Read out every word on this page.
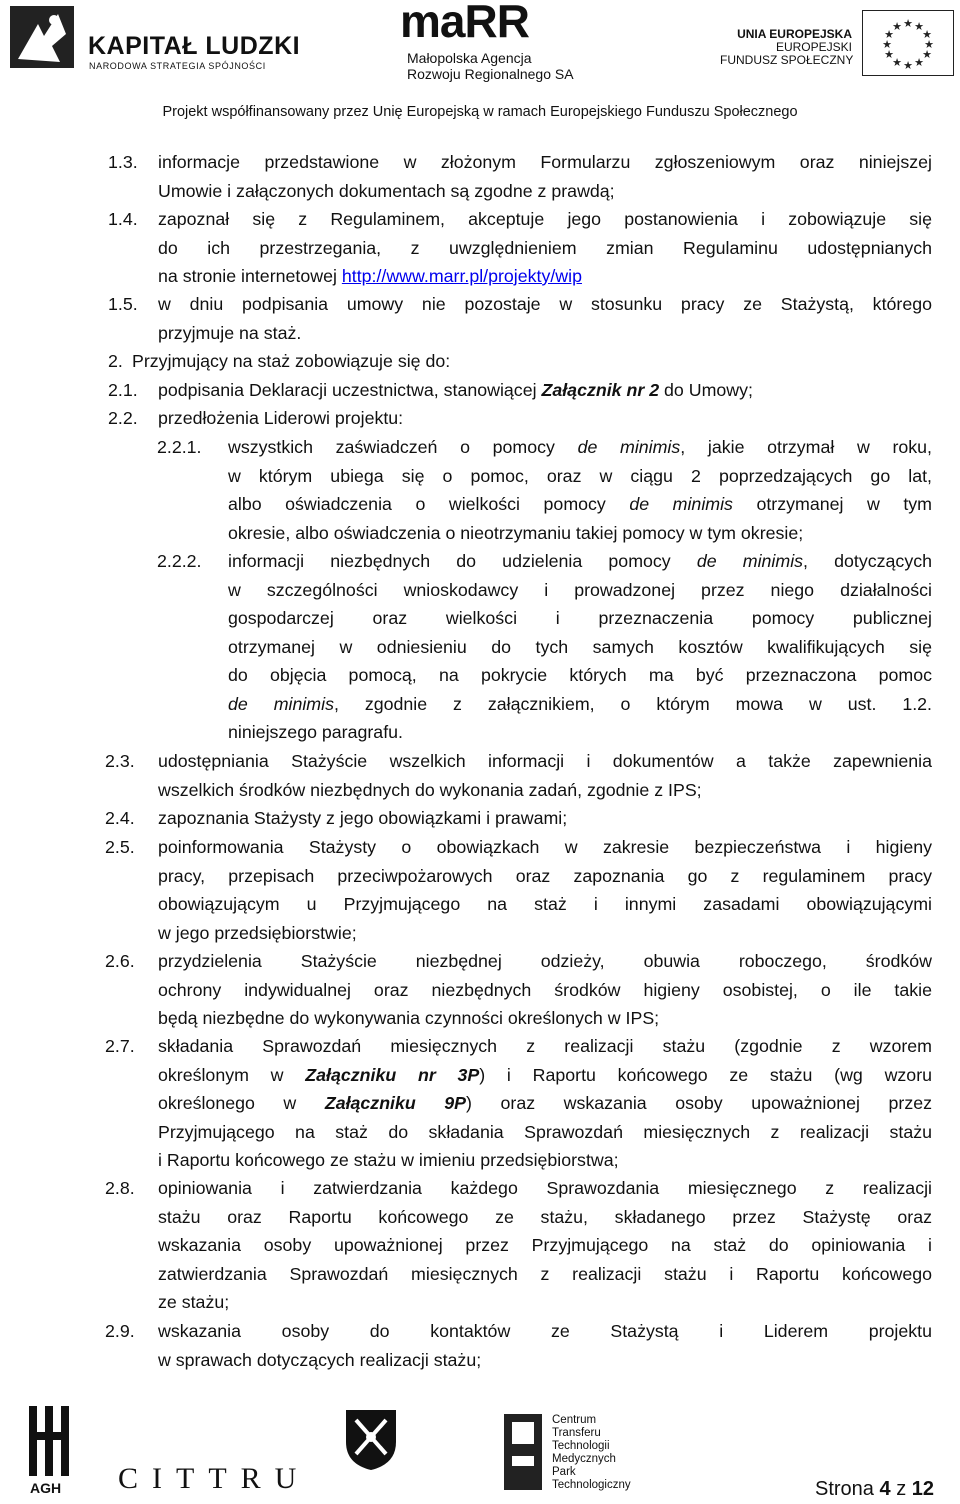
KAPITAŁ LUDZKI
NARODOWA STRATEGIA SPÓJNOŚCI
maRR
Małopolska Agencja
Rozwoju Regionalnego SA
UNIA EUROPEJSKA
EUROPEJSKI
FUNDUSZ SPOŁECZNY
★ ★
★
★
★
★
★
★
★
★
★
★
Projekt współfinansowany przez Unię Europejską w ramach Europejskiego Funduszu Społecznego
1.3. informacje przedstawione w złożonym Formularzu zgłoszeniowym oraz niniejszej
Umowie i załączonych dokumentach są zgodne z prawdą;
1.4. zapoznał się z Regulaminem, akceptuje jego postanowienia i zobowiązuje się
do ich przestrzegania, z uwzględnieniem zmian Regulaminu udostępnianych
na stronie internetowej http://www.marr.pl/projekty/wip
1.5. w dniu podpisania umowy nie pozostaje w stosunku pracy ze Stażystą, którego
przyjmuje na staż.
2. Przyjmujący na staż zobowiązuje się do:
2.1. podpisania Deklaracji uczestnictwa, stanowiącej Załącznik nr 2 do Umowy;
2.2. przedłożenia Liderowi projektu:
2.2.1. wszystkich zaświadczeń o pomocy de minimis, jakie otrzymał w roku,
w którym ubiega się o pomoc, oraz w ciągu 2 poprzedzających go lat,
albo oświadczenia o wielkości pomocy de minimis otrzymanej w tym
okresie, albo oświadczenia o nieotrzymaniu takiej pomocy w tym okresie;
2.2.2. informacji niezbędnych do udzielenia pomocy de minimis, dotyczących
w szczególności wnioskodawcy i prowadzonej przez niego działalności
gospodarczej oraz wielkości i przeznaczenia pomocy publicznej
otrzymanej w odniesieniu do tych samych kosztów kwalifikujących się
do objęcia pomocą, na pokrycie których ma być przeznaczona pomoc
de minimis, zgodnie z załącznikiem, o którym mowa w ust. 1.2.
niniejszego paragrafu.
2.3. udostępniania Stażyście wszelkich informacji i dokumentów a także zapewnienia
wszelkich środków niezbędnych do wykonania zadań, zgodnie z IPS;
2.4. zapoznania Stażysty z jego obowiązkami i prawami;
2.5. poinformowania Stażysty o obowiązkach w zakresie bezpieczeństwa i higieny
pracy, przepisach przeciwpożarowych oraz zapoznania go z regulaminem pracy
obowiązującym u Przyjmującego na staż i innymi zasadami obowiązującymi
w jego przedsiębiorstwie;
2.6. przydzielenia Stażyście niezbędnej odzieży, obuwia roboczego, środków
ochrony indywidualnej oraz niezbędnych środków higieny osobistej, o ile takie
będą niezbędne do wykonywania czynności określonych w IPS;
2.7. składania Sprawozdań miesięcznych z realizacji stażu (zgodnie z wzorem
określonym w Załączniku nr 3P) i Raportu końcowego ze stażu (wg wzoru
określonego w Załączniku 9P) oraz wskazania osoby upoważnionej przez
Przyjmującego na staż do składania Sprawozdań miesięcznych z realizacji stażu
i Raportu końcowego ze stażu w imieniu przedsiębiorstwa;
2.8. opiniowania i zatwierdzania każdego Sprawozdania miesięcznego z realizacji
stażu oraz Raportu końcowego ze stażu, składanego przez Stażystę oraz
wskazania osoby upoważnionej przez Przyjmującego na staż do opiniowania i
zatwierdzania Sprawozdań miesięcznych z realizacji stażu i Raportu końcowego
ze stażu;
2.9. wskazania osoby do kontaktów ze Stażystą i Liderem projektu
w sprawach dotyczących realizacji stażu;
AGH CITTRU
Centrum
Transferu
Technologii
Medycznych
Park
Technologiczny	Strona 4 z 12
